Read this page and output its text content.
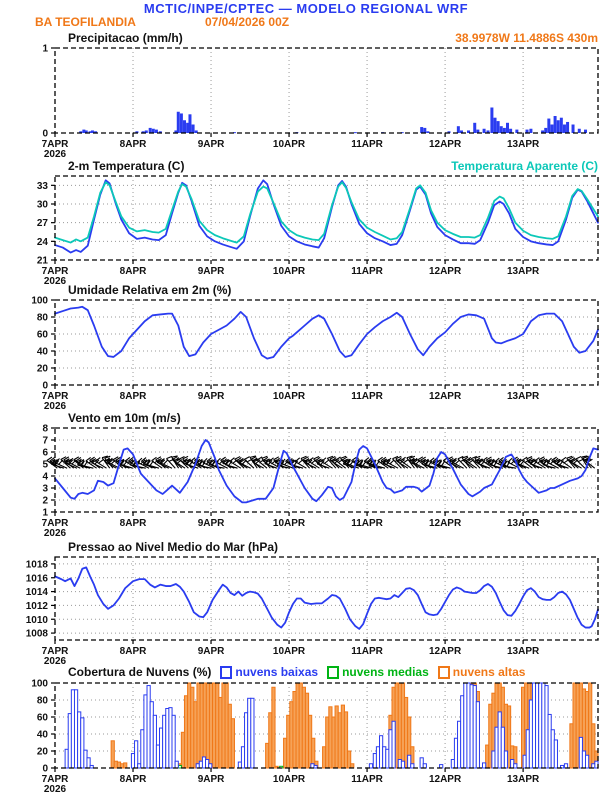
MCTIC/INPE/CPTEC — MODELO REGIONAL WRF
BA TEOFILANDIA	07/04/2026 00Z
38.9978W 11.4886S 430m
Precipitacao (mm/h)
2-m Temperatura (C)	Temperatura Aparente (C)
Umidade Relativa em 2m (%)
Vento em 10m (m/s)
Pressao ao Nivel Medio do Mar (hPa)
Cobertura de Nuvens (%) nuvens baixas nuvens medias nuvens altas
0
1
7APR
2026
8APR	9APR	10APR	11APR	12APR	13APR
21
24
27
30
33
7APR
2026
8APR	9APR	10APR	11APR	12APR	13APR
0
20
40
60
80
100
7APR
2026
8APR	9APR	10APR	11APR	12APR	13APR
1
2
3
4
5
6
7
8
7APR
2026
8APR	9APR	10APR	11APR	12APR	13APR
1008
1010
1012
1014
1016
1018
7APR
2026
8APR	9APR	10APR	11APR	12APR	13APR
0
20
40
60
80
100
7APR
2026
8APR	9APR	10APR	11APR	12APR	13APR
